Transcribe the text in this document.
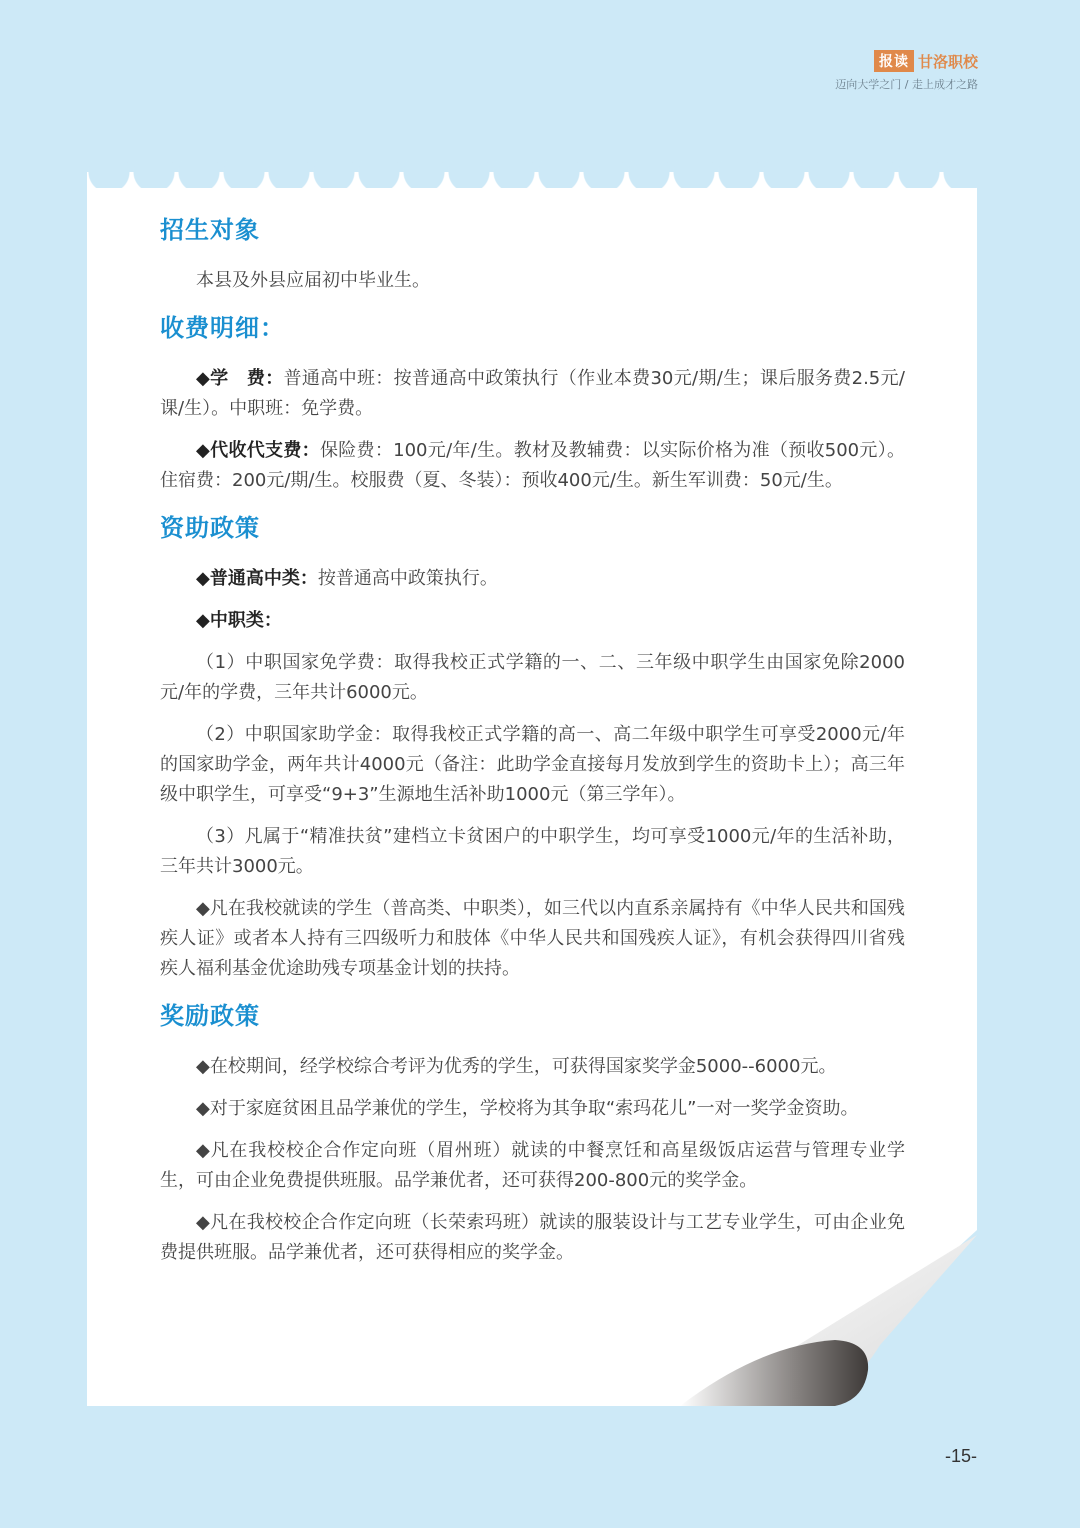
报读 甘洛职校
迈向大学之门 / 走上成才之路
招生对象

本县及外县应届初中毕业生。

收费明细：

◆学　费：普通高中班：按普通高中政策执行（作业本费30元/期/生；课后服务费2.5元/课/生）。中职班：免学费。

◆代收代支费：保险费：100元/年/生。教材及教辅费：以实际价格为准（预收500元）。住宿费：200元/期/生。校服费（夏、冬装）：预收400元/生。新生军训费：50元/生。

资助政策

◆普通高中类：按普通高中政策执行。

◆中职类：

（1）中职国家免学费：取得我校正式学籍的一、二、三年级中职学生由国家免除2000元/年的学费，三年共计6000元。

（2）中职国家助学金：取得我校正式学籍的高一、高二年级中职学生可享受2000元/年的国家助学金，两年共计4000元（备注：此助学金直接每月发放到学生的资助卡上）；高三年级中职学生，可享受“9+3”生源地生活补助1000元（第三学年）。

（3）凡属于“精准扶贫”建档立卡贫困户的中职学生，均可享受1000元/年的生活补助，三年共计3000元。

◆凡在我校就读的学生（普高类、中职类），如三代以内直系亲属持有《中华人民共和国残疾人证》或者本人持有三四级听力和肢体《中华人民共和国残疾人证》，有机会获得四川省残疾人福利基金优途助残专项基金计划的扶持。

奖励政策

◆在校期间，经学校综合考评为优秀的学生，可获得国家奖学金5000--6000元。

◆对于家庭贫困且品学兼优的学生，学校将为其争取“索玛花儿”一对一奖学金资助。

◆凡在我校校企合作定向班（眉州班）就读的中餐烹饪和高星级饭店运营与管理专业学生，可由企业免费提供班服。品学兼优者，还可获得200-800元的奖学金。

◆凡在我校校企合作定向班（长荣索玛班）就读的服装设计与工艺专业学生，可由企业免费提供班服。品学兼优者，还可获得相应的奖学金。

-15-
